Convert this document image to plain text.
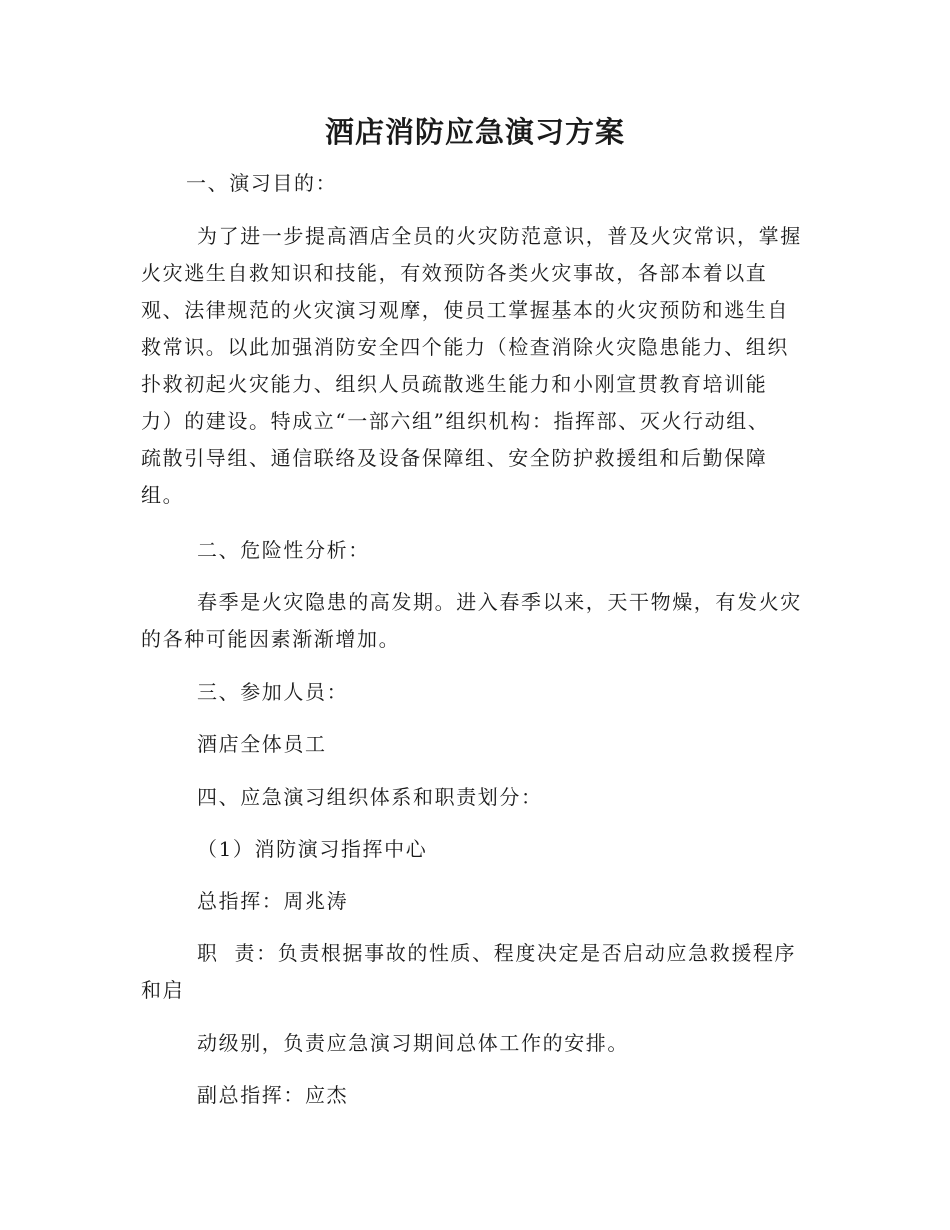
酒店消防应急演习方案
一、演习目的：
为了进一步提高酒店全员的火灾防范意识，普及火灾常识，掌握
火灾逃生自救知识和技能，有效预防各类火灾事故，各部本着以直
观、法律规范的火灾演习观摩，使员工掌握基本的火灾预防和逃生自
救常识。以此加强消防安全四个能力（检查消除火灾隐患能力、组织
扑救初起火灾能力、组织人员疏散逃生能力和小刚宣贯教育培训能
力）的建设。特成立“一部六组”组织机构：指挥部、灭火行动组、
疏散引导组、通信联络及设备保障组、安全防护救援组和后勤保障
组。
二、危险性分析：
春季是火灾隐患的高发期。进入春季以来，天干物燥，有发火灾
的各种可能因素渐渐增加。
三、参加人员：
酒店全体员工
四、应急演习组织体系和职责划分：
（1）消防演习指挥中心
总指挥：周兆涛
职  责：负责根据事故的性质、程度决定是否启动应急救援程序
和启
动级别，负责应急演习期间总体工作的安排。
副总指挥：应杰
